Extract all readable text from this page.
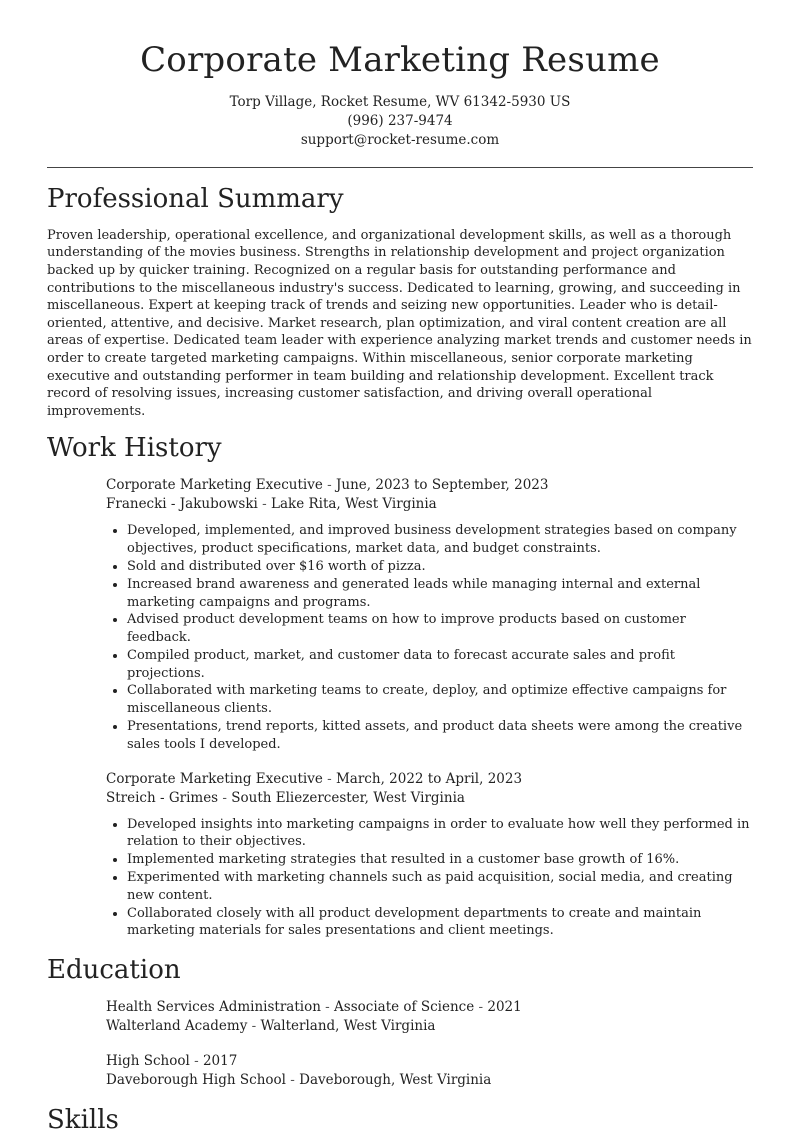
Corporate Marketing Resume
Torp Village, Rocket Resume, WV 61342-5930 US
(996) 237-9474
support@rocket-resume.com
Professional Summary

Proven leadership, operational excellence, and organizational development skills, as well as a thorough understanding of the movies business. Strengths in relationship development and project organization backed up by quicker training. Recognized on a regular basis for outstanding performance and contributions to the miscellaneous industry's success. Dedicated to learning, growing, and succeeding in miscellaneous. Expert at keeping track of trends and seizing new opportunities. Leader who is detail-oriented, attentive, and decisive. Market research, plan optimization, and viral content creation are all areas of expertise. Dedicated team leader with experience analyzing market trends and customer needs in order to create targeted marketing campaigns. Within miscellaneous, senior corporate marketing executive and outstanding performer in team building and relationship development. Excellent track record of resolving issues, increasing customer satisfaction, and driving overall operational improvements.

Work History
Corporate Marketing Executive - June, 2023 to September, 2023
Franecki - Jakubowski - Lake Rita, West Virginia
• Developed, implemented, and improved business development strategies based on company objectives, product specifications, market data, and budget constraints.
• Sold and distributed over $16 worth of pizza.
• Increased brand awareness and generated leads while managing internal and external marketing campaigns and programs.
• Advised product development teams on how to improve products based on customer feedback.
• Compiled product, market, and customer data to forecast accurate sales and profit projections.
• Collaborated with marketing teams to create, deploy, and optimize effective campaigns for miscellaneous clients.
• Presentations, trend reports, kitted assets, and product data sheets were among the creative sales tools I developed.
Corporate Marketing Executive - March, 2022 to April, 2023
Streich - Grimes - South Eliezercester, West Virginia
• Developed insights into marketing campaigns in order to evaluate how well they performed in relation to their objectives.
• Implemented marketing strategies that resulted in a customer base growth of 16%.
• Experimented with marketing channels such as paid acquisition, social media, and creating new content.
• Collaborated closely with all product development departments to create and maintain marketing materials for sales presentations and client meetings.
Education
Health Services Administration - Associate of Science - 2021
Walterland Academy - Walterland, West Virginia
High School - 2017
Daveborough High School - Daveborough, West Virginia
Skills
